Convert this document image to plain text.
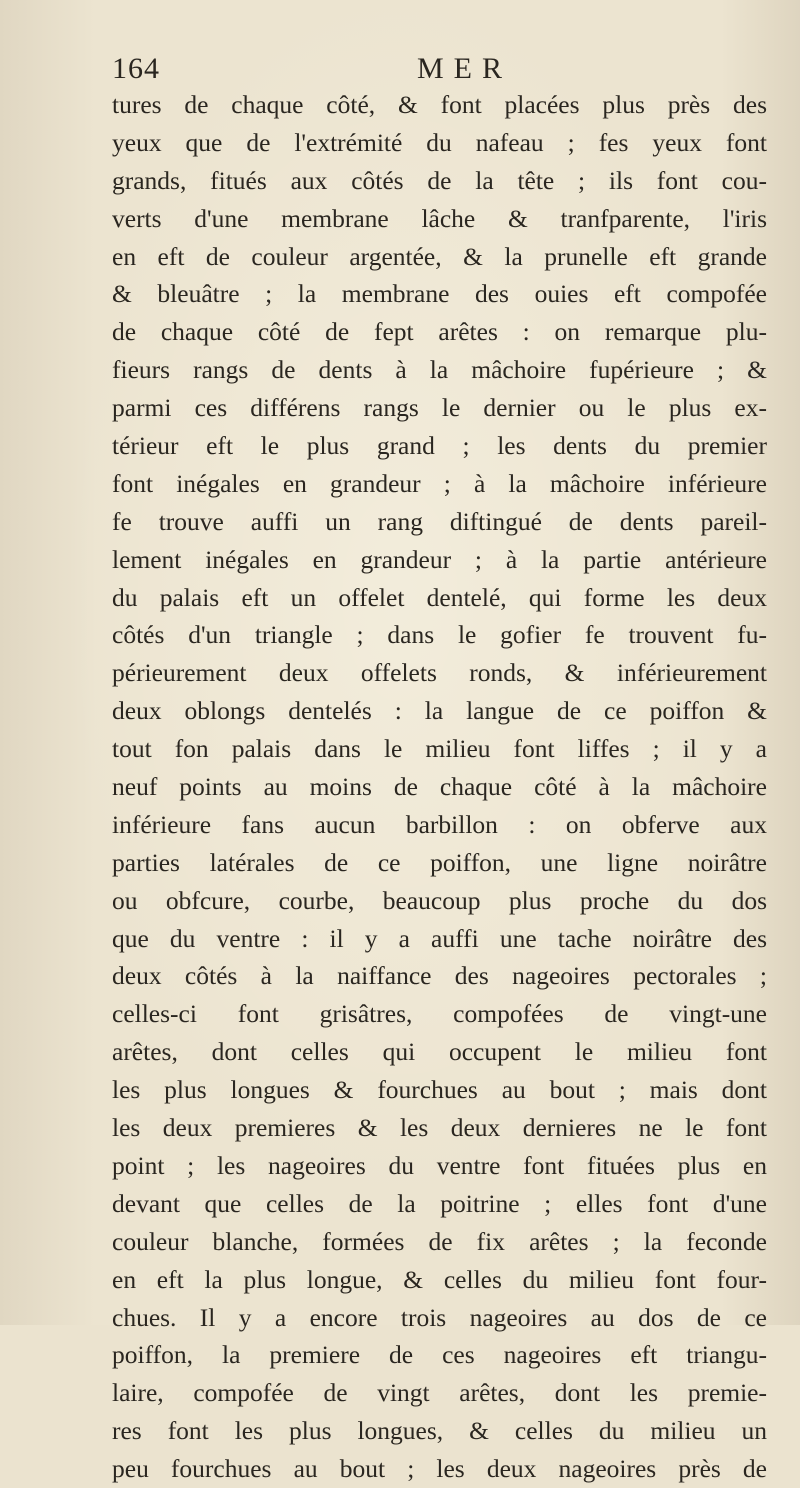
164	MER
tures de chaque côté, & font placées plus près des
yeux que de l'extrémité du nafeau ; fes yeux font
grands, fitués aux côtés de la tête ; ils font cou-
verts d'une membrane lâche & tranfparente, l'iris
en eft de couleur argentée, & la prunelle eft grande
& bleuâtre ; la membrane des ouies eft compofée
de chaque côté de fept arêtes : on remarque plu-
fieurs rangs de dents à la mâchoire fupérieure ; &
parmi ces différens rangs le dernier ou le plus ex-
térieur eft le plus grand ; les dents du premier
font inégales en grandeur ; à la mâchoire inférieure
fe trouve auffi un rang diftingué de dents pareil-
lement inégales en grandeur ; à la partie antérieure
du palais eft un offelet dentelé, qui forme les deux
côtés d'un triangle ; dans le gofier fe trouvent fu-
périeurement deux offelets ronds, & inférieurement
deux oblongs dentelés : la langue de ce poiffon &
tout fon palais dans le milieu font liffes ; il y a
neuf points au moins de chaque côté à la mâchoire
inférieure fans aucun barbillon : on obferve aux
parties latérales de ce poiffon, une ligne noirâtre
ou obfcure, courbe, beaucoup plus proche du dos
que du ventre : il y a auffi une tache noirâtre des
deux côtés à la naiffance des nageoires pectorales ;
celles-ci font grisâtres, compofées de vingt-une
arêtes, dont celles qui occupent le milieu font
les plus longues & fourchues au bout ; mais dont
les deux premieres & les deux dernieres ne le font
point ; les nageoires du ventre font fituées plus en
devant que celles de la poitrine ; elles font d'une
couleur blanche, formées de fix arêtes ; la feconde
en eft la plus longue, & celles du milieu font four-
chues. Il y a encore trois nageoires au dos de ce
poiffon, la premiere de ces nageoires eft triangu-
laire, compofée de vingt arêtes, dont les premie-
res font les plus longues, & celles du milieu un
peu fourchues au bout ; les deux nageoires près de
